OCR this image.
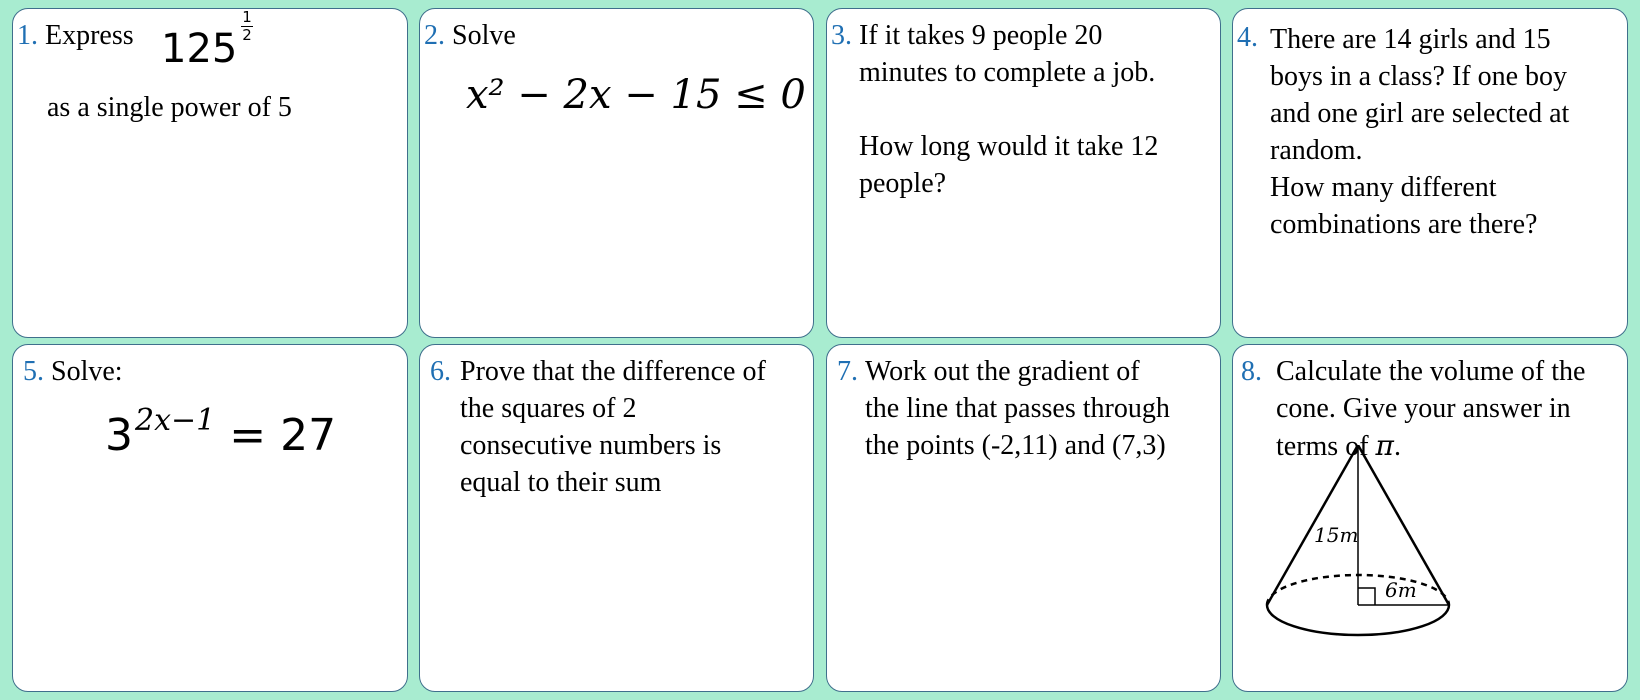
1. Express 125
1
2
as a single power of 5
2. Solve
x² − 2x − 15 ≤ 0
3. If it takes 9 people 20
minutes to complete a job.
How long would it take 12
people?
4. There are 14 girls and 15
boys in a class? If one boy
and one girl are selected at
random.
How many different
combinations are there?
5. Solve:
$3^{2x-1} = 27$
6. Prove that the difference of
the squares of 2
consecutive numbers is
equal to their sum
7. Work out the gradient of
the line that passes through
the points (-2,11) and (7,3)
8. Calculate the volume of the
cone. Give your answer in
terms of π.
15m
6m
